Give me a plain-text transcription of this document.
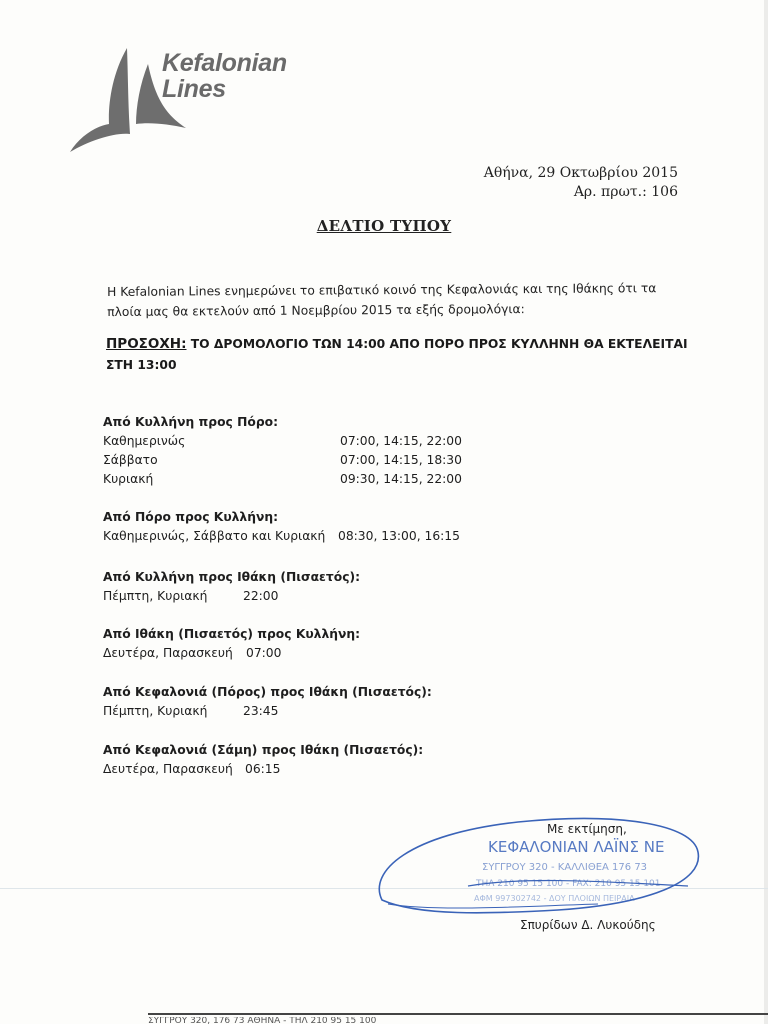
Kefalonian
Lines
Αθήνα, 29 Οκτωβρίου 2015
Αρ. πρωτ.: 106
ΔΕΛΤΙΟ ΤΥΠΟΥ
Η Kefalonian Lines ενημερώνει το επιβατικό κοινό της Κεφαλονιάς και της Ιθάκης ότι τα πλοία μας θα εκτελούν από 1 Νοεμβρίου 2015 τα εξής δρομολόγια:
ΠΡΟΣΟΧΗ: ΤΟ ΔΡΟΜΟΛΟΓΙΟ ΤΩΝ 14:00 ΑΠΟ ΠΟΡΟ ΠΡΟΣ ΚΥΛΛΗΝΗ ΘΑ ΕΚΤΕΛΕΙΤΑΙ ΣΤΗ 13:00
Από Κυλλήνη προς Πόρο:
Καθημερινώς	07:00, 14:15, 22:00
Σάββατο	07:00, 14:15, 18:30
Κυριακή	09:30, 14:15, 22:00
Από Πόρο προς Κυλλήνη:
Καθημερινώς, Σάββατο και Κυριακή 08:30, 13:00, 16:15
Από Κυλλήνη προς Ιθάκη (Πισαετός):
Πέμπτη, Κυριακή	22:00
Από Ιθάκη (Πισαετός) προς Κυλλήνη:
Δευτέρα, Παρασκευή 07:00
Από Κεφαλονιά (Πόρος) προς Ιθάκη (Πισαετός):
Πέμπτη, Κυριακή	23:45
Από Κεφαλονιά (Σάμη) προς Ιθάκη (Πισαετός):
Δευτέρα, Παρασκευή 06:15
ΚΕΦΑΛΟΝΙΑΝ ΛΑΪΝΣ ΝΕ
ΣΥΓΓΡΟΥ 320 - ΚΑΛΛΙΘΕΑ 176 73
ΤΗΛ 210 95 15 100 - FAX: 210 95 15 101
ΑΦΜ 997302742 - ΔΟΥ ΠΛΟΙΩΝ ΠΕΙΡΑΙΑ
Με εκτίμηση,
Σπυρίδων Δ. Λυκούδης
ΣΥΓΓΡΟΥ 320, 176 73 ΑΘΗΝΑ - ΤΗΛ 210 95 15 100
